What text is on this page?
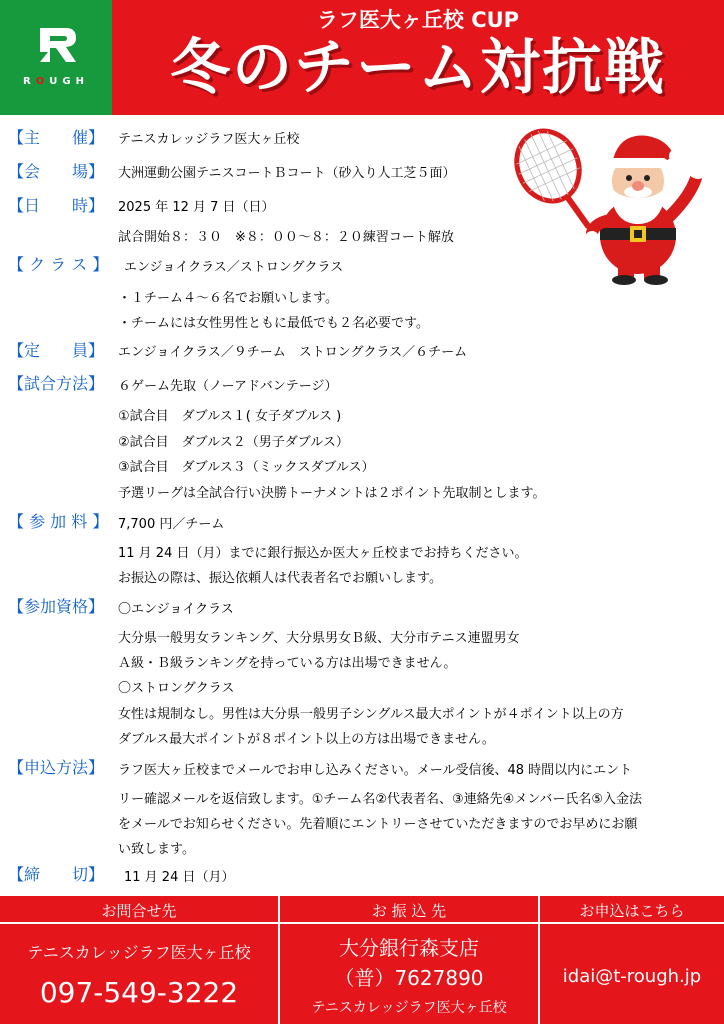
ROUGH
ラフ医大ヶ丘校 CUP
冬のチーム対抗戦
【主　　催】 テニスカレッジラフ医大ヶ丘校
【会　　場】 大洲運動公園テニスコートＢコート（砂入り人工芝５面）
【日　　時】 2025 年 12 月 7 日（日）
試合開始８：３０　※８：００〜８：２０練習コート解放
【 ク ラ ス 】 エンジョイクラス／ストロングクラス
・１チーム４〜６名でお願いします。
・チームには女性男性ともに最低でも２名必要です。
【定　　員】 エンジョイクラス／９チーム　ストロングクラス／６チーム
【試合方法】 ６ゲーム先取（ノーアドバンテージ）
①試合目　ダブルス１( 女子ダブルス )
②試合目　ダブルス２（男子ダブルス）
③試合目　ダブルス３（ミックスダブルス）
予選リーグは全試合行い決勝トーナメントは２ポイント先取制とします。
【 参 加 料 】 7,700 円／チーム
11 月 24 日（月）までに銀行振込か医大ヶ丘校までお持ちください。
お振込の際は、振込依頼人は代表者名でお願いします。
【参加資格】 〇エンジョイクラス
大分県一般男女ランキング、大分県男女Ｂ級、大分市テニス連盟男女
Ａ級・Ｂ級ランキングを持っている方は出場できません。
〇ストロングクラス
女性は規制なし。男性は大分県一般男子シングルス最大ポイントが４ポイント以上の方
ダブルス最大ポイントが８ポイント以上の方は出場できません。
【申込方法】 ラフ医大ヶ丘校までメールでお申し込みください。メール受信後、48 時間以内にエント
リー確認メールを返信致します。①チーム名②代表者名、③連絡先④メンバー氏名⑤入金法
をメールでお知らせください。先着順にエントリーさせていただきますのでお早めにお願
い致します。
【締　　切】 11 月 24 日（月）
お問合せ先	お 振 込 先	お申込はこちら
テニスカレッジラフ医大ヶ丘校
097-549-3222
大分銀行森支店
（普）7627890
テニスカレッジラフ医大ヶ丘校
idai@t-rough.jp
